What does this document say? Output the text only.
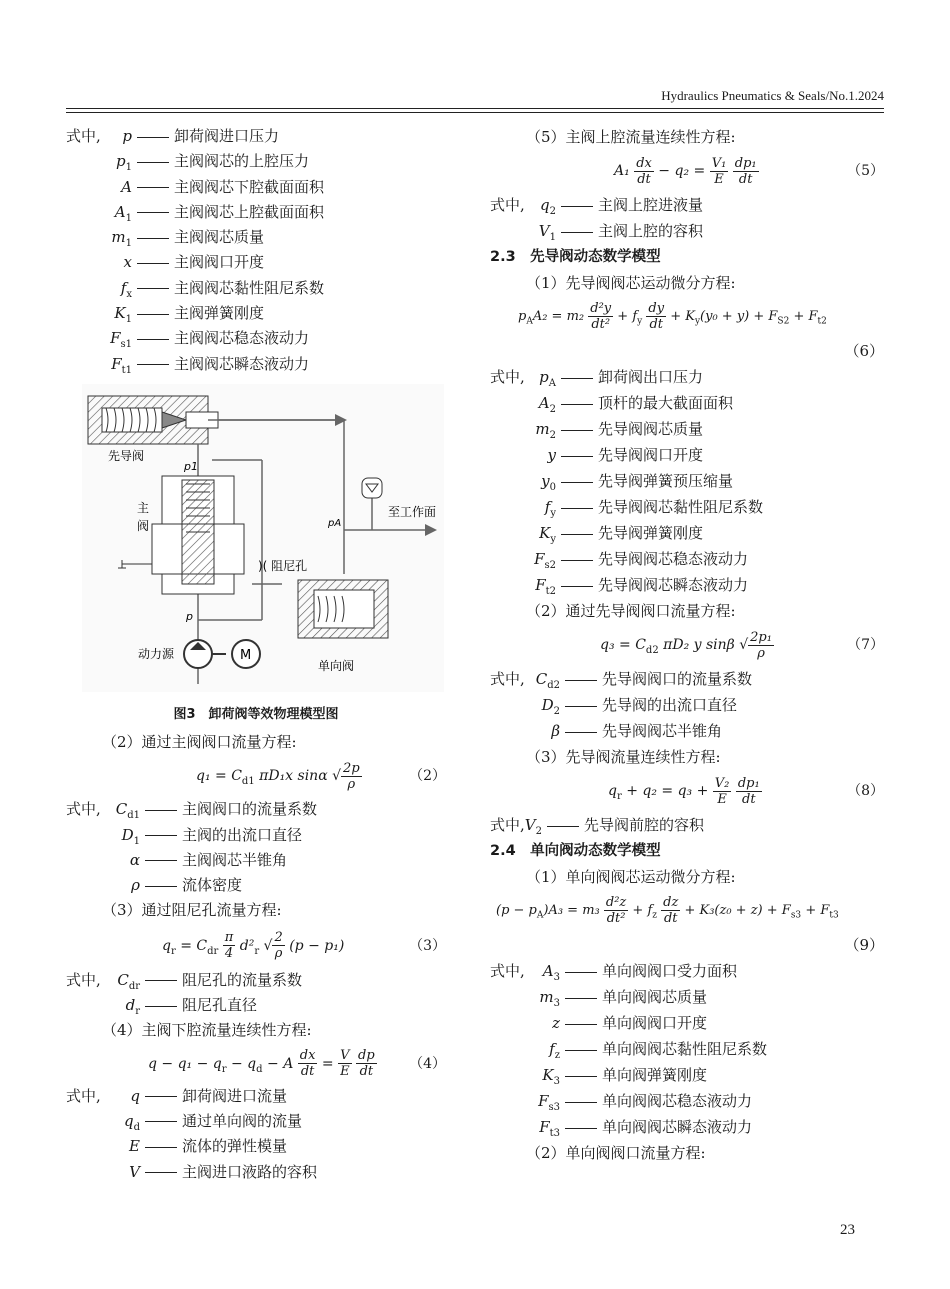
Hydraulics Pneumatics & Seals/No.1.2024
式中, p	卸荷阀进口压力
$p_1$	主阀阀芯的上腔压力
A	主阀阀芯下腔截面面积
$A_1$	主阀阀芯上腔截面面积
$m_1$	主阀阀芯质量
x	主阀阀口开度
$f_x$	主阀阀芯黏性阻尼系数
$K_1$	主阀弹簧刚度
$F_{s1}$	主阀阀芯稳态液动力
$F_{t1}$	主阀阀芯瞬态液动力
先导阀
p1
主
阀
)( 阻尼孔
p
pA
至工作面
单向阀
M
动力源
图3　卸荷阀等效物理模型图
（2）通过主阀阀口流量方程:
$q_1 = C_{d1}$ πD₁x sinα √ $\frac{2p}{\rho}$	（2）
式中, $C_{d1}$	主阀阀口的流量系数
$D_1$	主阀的出流口直径
α	主阀阀芯半锥角
ρ	流体密度
（3）通过阻尼孔流量方程:
$q_r = C_{dr} \frac{\pi}{4} d^2_r$ √ $\frac{2}{\rho} (p - p_1)$	（3）
式中, $C_{dr}$	阻尼孔的流量系数
$d_r$	阻尼孔直径
（4）主阀下腔流量连续性方程:
$q - q_1 - q_r - q_d - A \frac{dx}{dt} = \frac{V}{E}$
$\frac{dp}{dt} (4)$
式中, q	卸荷阀进口流量
$q_d$	通过单向阀的流量
E	流体的弹性模量
V	主阀进口液路的容积
（5）主阀上腔流量连续性方程:
$A_1 \frac{dx}{dt} - q_2 = \frac{\text{V₁}}{E}$
$\frac{\text{dp₁}}{dt}$	（5）
式中, $q_2$	主阀上腔进液量
$V_1$	主阀上腔的容积
2.3　先导阀动态数学模型
（1）先导阀阀芯运动微分方程:
$p_AA_2 = m_2 \frac{\text{d²y}}{\text{dt²}} + f_y \frac{dy}{dt} + K_y(y_0 + y) + F_{S2} + F_{t2}$
（6）
式中, $p_A$	卸荷阀出口压力
$A_2$	顶杆的最大截面面积
$m_2$	先导阀阀芯质量
y	先导阀阀口开度
$y_0$	先导阀弹簧预压缩量
$f_y$	先导阀阀芯黏性阻尼系数
$K_y$	先导阀弹簧刚度
$F_{s2}$	先导阀阀芯稳态液动力
$F_{t2}$	先导阀阀芯瞬态液动力
（2）通过先导阀阀口流量方程:
$q_3 = C_{d2}$ πD₂ y sinβ √ $\frac{\text{2p₁}}{\rho}$	（7）
式中, $C_{d2}$	先导阀阀口的流量系数
$D_2$	先导阀的出流口直径
β	先导阀阀芯半锥角
（3）先导阀流量连续性方程:
$q_r + q_2 = q_3 + \frac{\text{V₂}}{E}$
$\frac{\text{dp₁}}{dt}$	（8）
式中$,V_2$	先导阀前腔的容积
2.4　单向阀动态数学模型
（1）单向阀阀芯运动微分方程:
$(p - p_A)A_3 = m_3 \frac{\text{d²z}}{\text{dt²}} + f_z \frac{dz}{dt} + K_3(z_0 + z) + F_{s3} + F_{t3}$
（9）
式中, $A_3$	单向阀阀口受力面积
$m_3$	单向阀阀芯质量
z	单向阀阀口开度
$f_z$	单向阀阀芯黏性阻尼系数
$K_3$	单向阀弹簧刚度
$F_{s3}$	单向阀阀芯稳态液动力
$F_{t3}$	单向阀阀芯瞬态液动力
（2）单向阀阀口流量方程:
23
